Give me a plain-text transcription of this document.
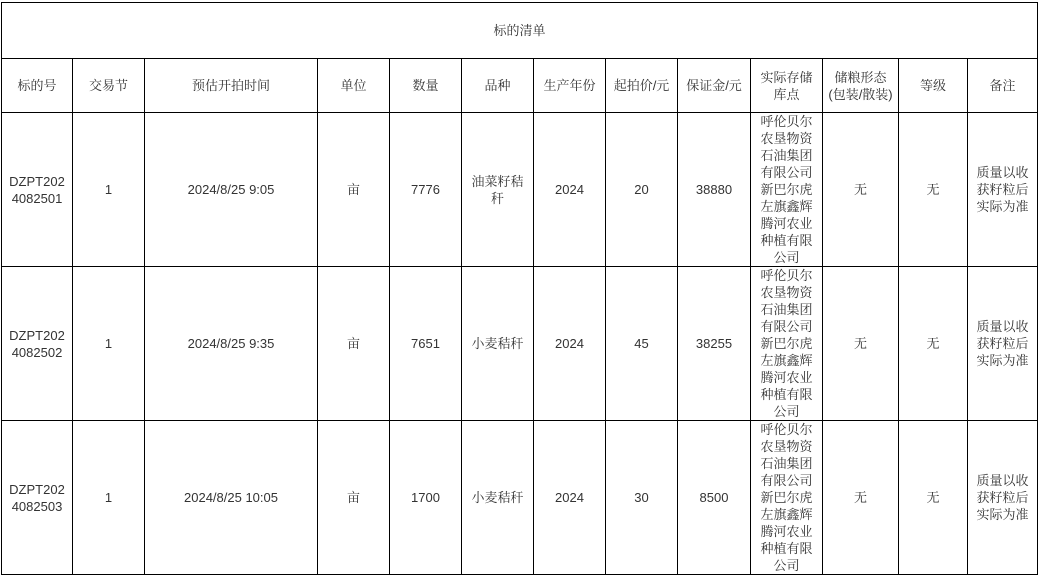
标的清单												
标的号	交易节	预估开拍时间	单位	数量	品种	生产年份	起拍价/元	保证金/元	实际存储库点	储粮形态(包装/散装)	等级	备注
DZPT2024082501	1	2024/8/25 9:05	亩	7776	油菜籽秸秆	2024	20	38880	呼伦贝尔农垦物资石油集团有限公司新巴尔虎左旗鑫辉腾河农业种植有限公司	无	无	质量以收获籽粒后实际为准
DZPT2024082502	1	2024/8/25 9:35	亩	7651	小麦秸秆	2024	45	38255	呼伦贝尔农垦物资石油集团有限公司新巴尔虎左旗鑫辉腾河农业种植有限公司	无	无	质量以收获籽粒后实际为准
DZPT2024082503	1	2024/8/25 10:05	亩	1700	小麦秸秆	2024	30	8500	呼伦贝尔农垦物资石油集团有限公司新巴尔虎左旗鑫辉腾河农业种植有限公司	无	无	质量以收获籽粒后实际为准
